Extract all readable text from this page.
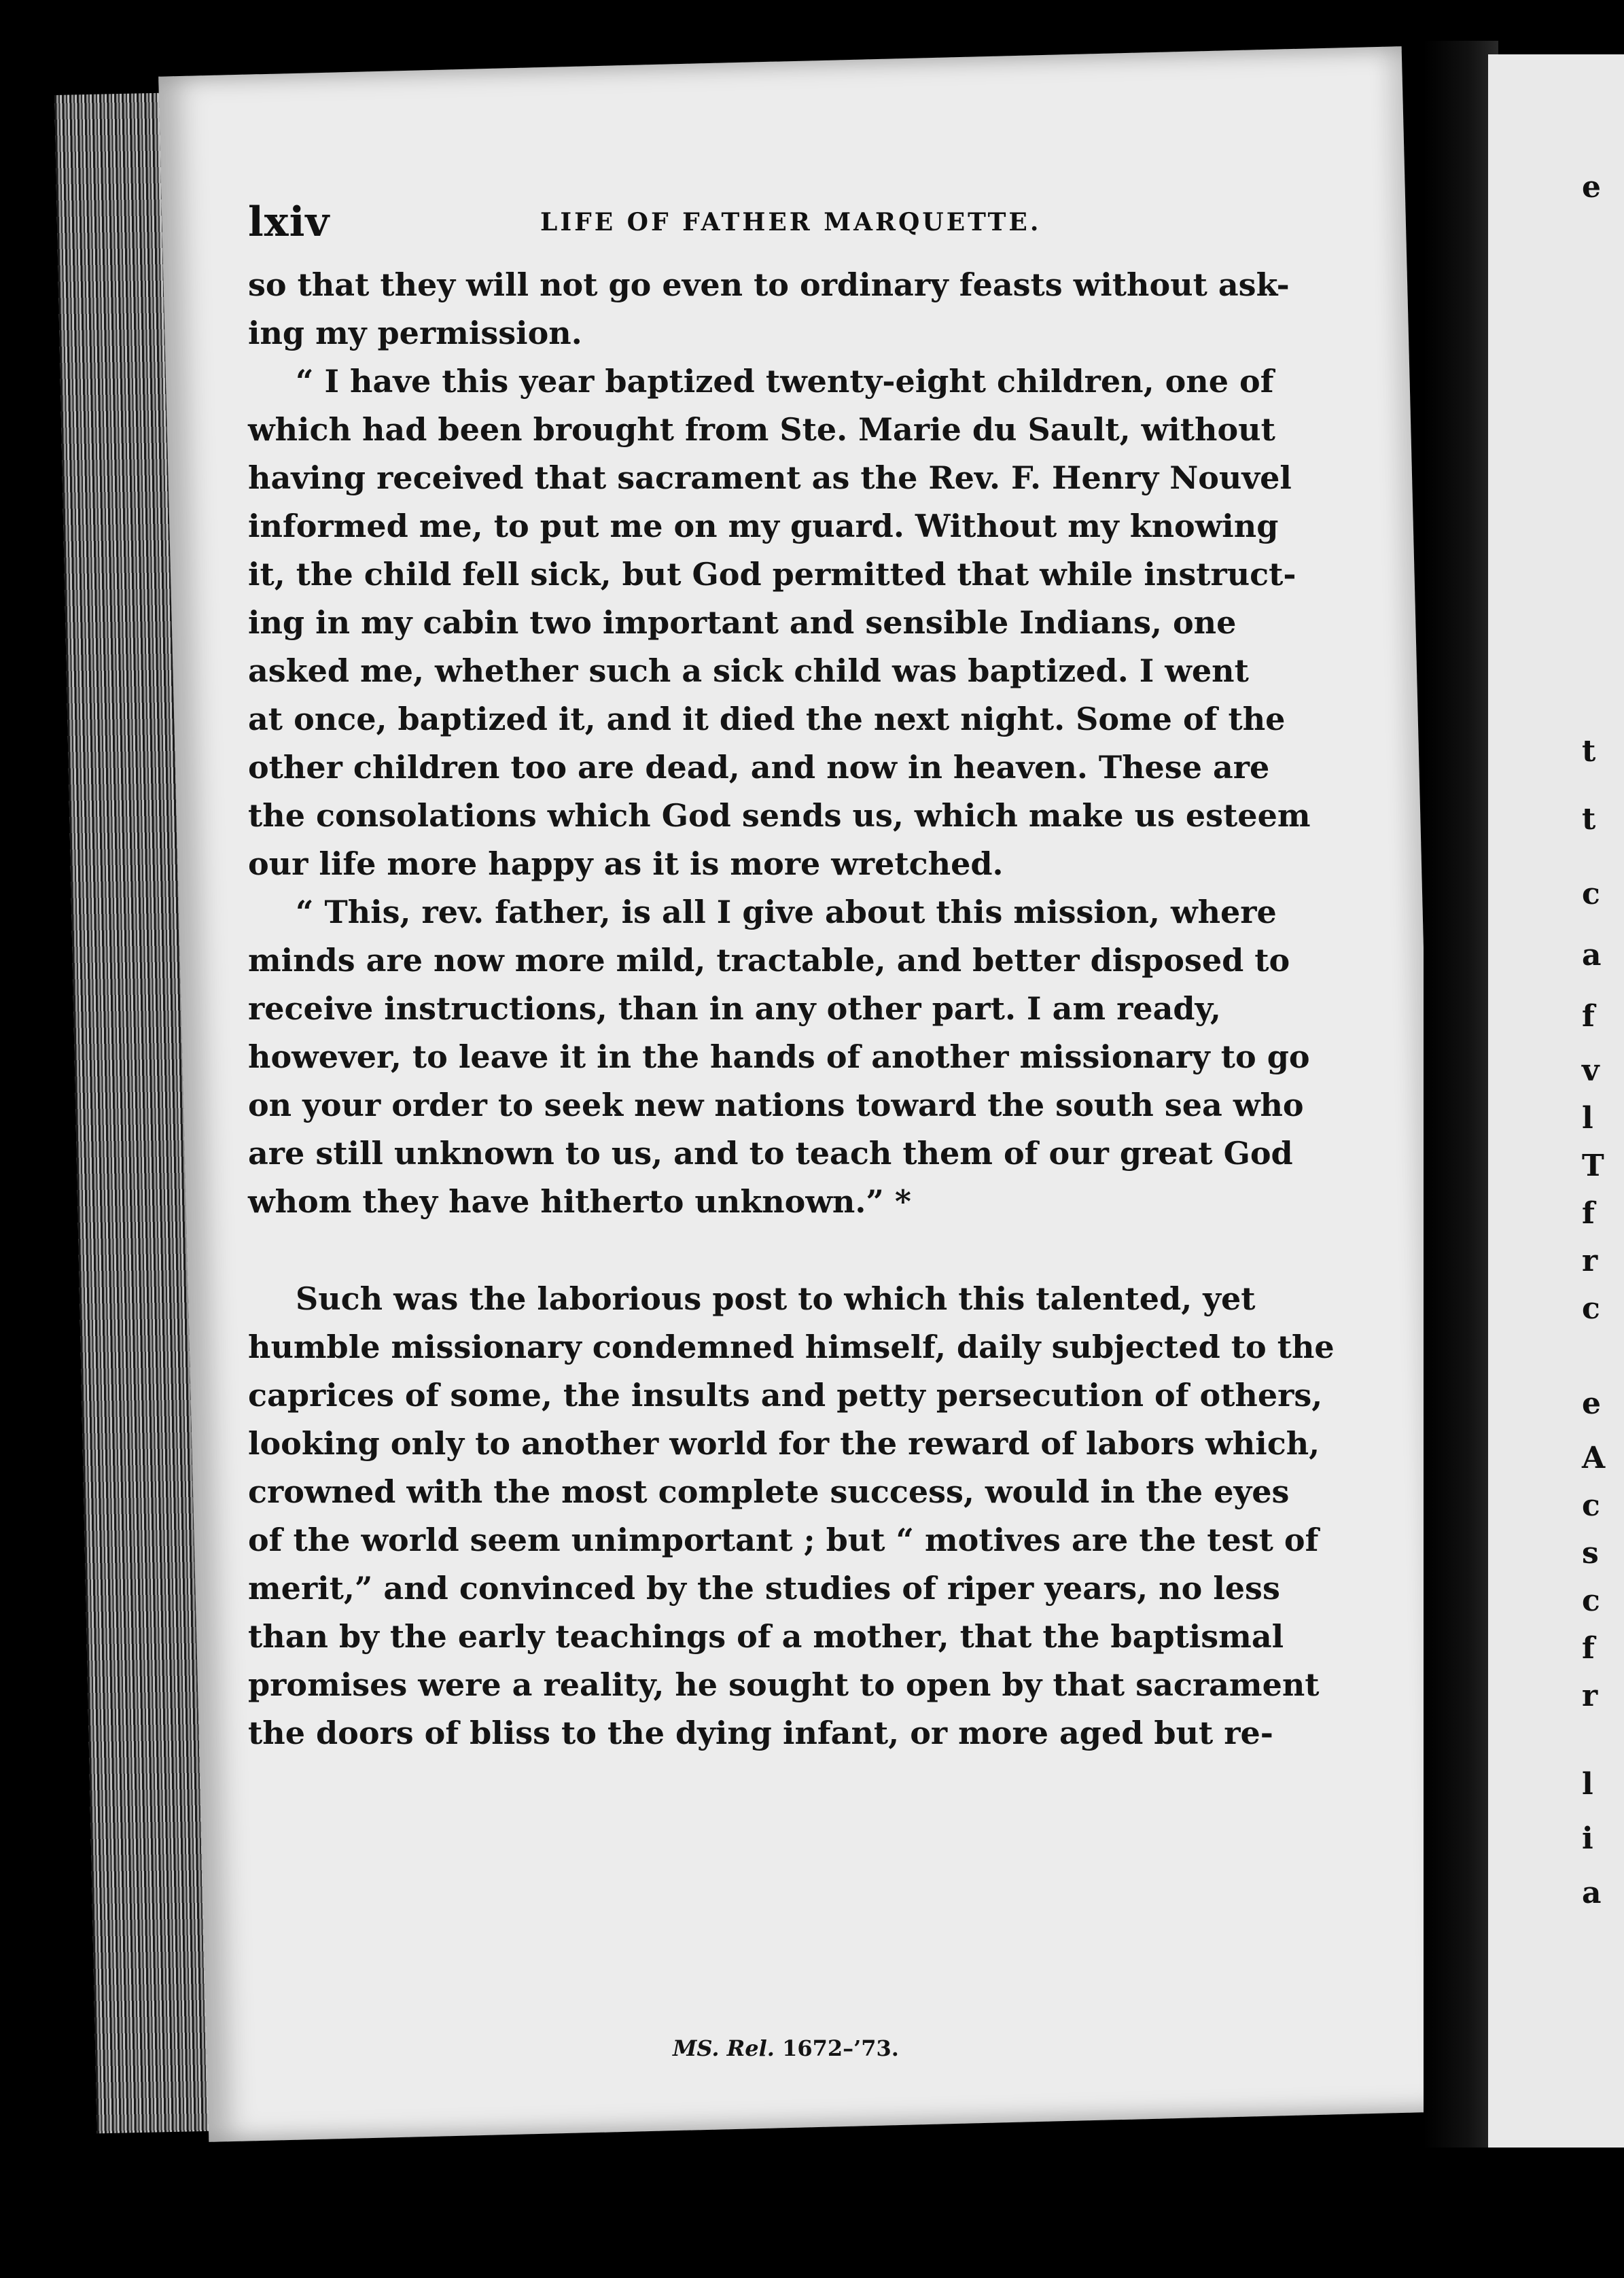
e
t
t
c
a
f
v
l
T
f
r
c
e
A
c
s
c
f
r
l
i
a
lxiv	LIFE OF FATHER MARQUETTE.
so that they will not go even to ordinary feasts without ask-
ing my permission.
“ I have this year baptized twenty-eight children, one of
which had been brought from Ste. Marie du Sault, without
having received that sacrament as the Rev. F. Henry Nouvel
informed me, to put me on my guard. Without my knowing
it, the child fell sick, but God permitted that while instruct-
ing in my cabin two important and sensible Indians, one
asked me, whether such a sick child was baptized. I went
at once, baptized it, and it died the next night. Some of the
other children too are dead, and now in heaven. These are
the consolations which God sends us, which make us esteem
our life more happy as it is more wretched.
“ This, rev. father, is all I give about this mission, where
minds are now more mild, tractable, and better disposed to
receive instructions, than in any other part. I am ready,
however, to leave it in the hands of another missionary to go
on your order to seek new nations toward the south sea who
are still unknown to us, and to teach them of our great God
whom they have hitherto unknown.” *
Such was the laborious post to which this talented, yet
humble missionary condemned himself, daily subjected to the
caprices of some, the insults and petty persecution of others,
looking only to another world for the reward of labors which,
crowned with the most complete success, would in the eyes
of the world seem unimportant ; but “ motives are the test of
merit,” and convinced by the studies of riper years, no less
than by the early teachings of a mother, that the baptismal
promises were a reality, he sought to open by that sacrament
the doors of bliss to the dying infant, or more aged but re-
MS. Rel. 1672–’73.
